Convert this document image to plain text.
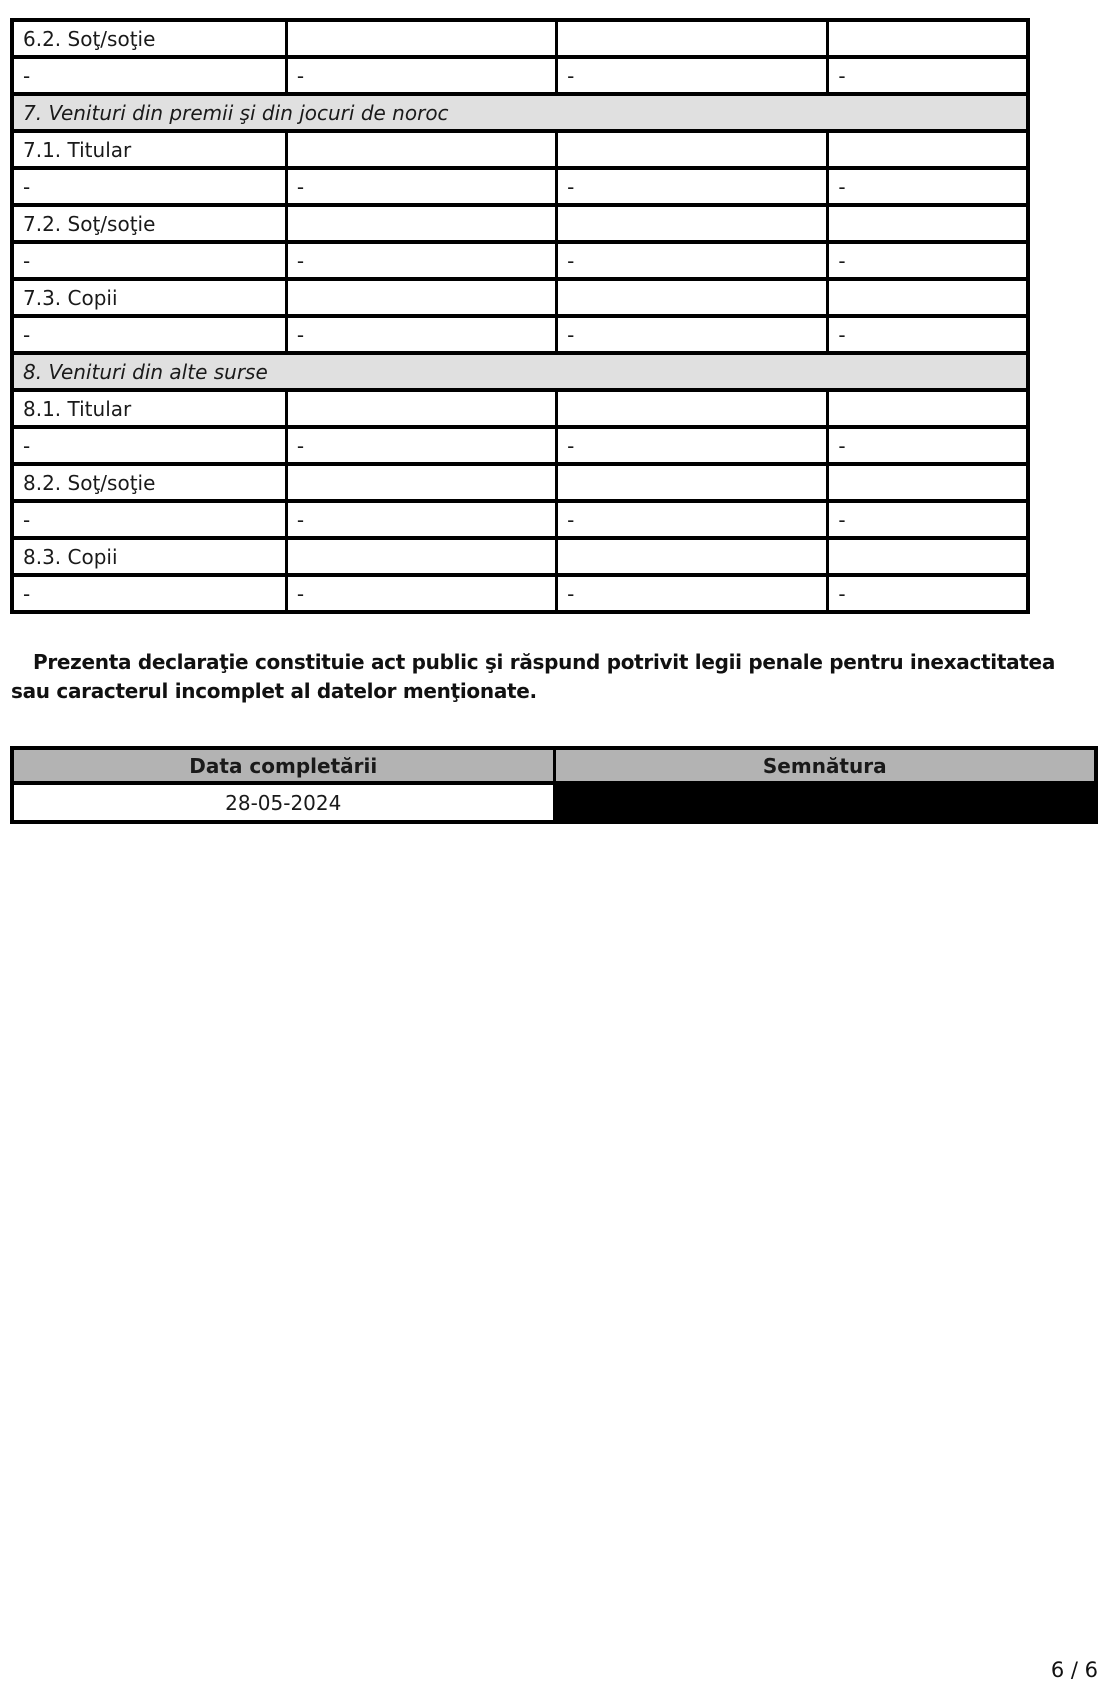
6.2. Soţ/soţie			
-	-	-	-
7. Venituri din premii şi din jocuri de noroc			
7.1. Titular			
-	-	-	-
7.2. Soţ/soţie			
-	-	-	-
7.3. Copii			
-	-	-	-
8. Venituri din alte surse			
8.1. Titular			
-	-	-	-
8.2. Soţ/soţie			
-	-	-	-
8.3. Copii			
-	-	-	-

Prezenta declaraţie constituie act public şi răspund potrivit legii penale pentru inexactitatea sau caracterul incomplet al datelor menţionate.

Data completării	Semnătura
28-05-2024	
6 / 6
